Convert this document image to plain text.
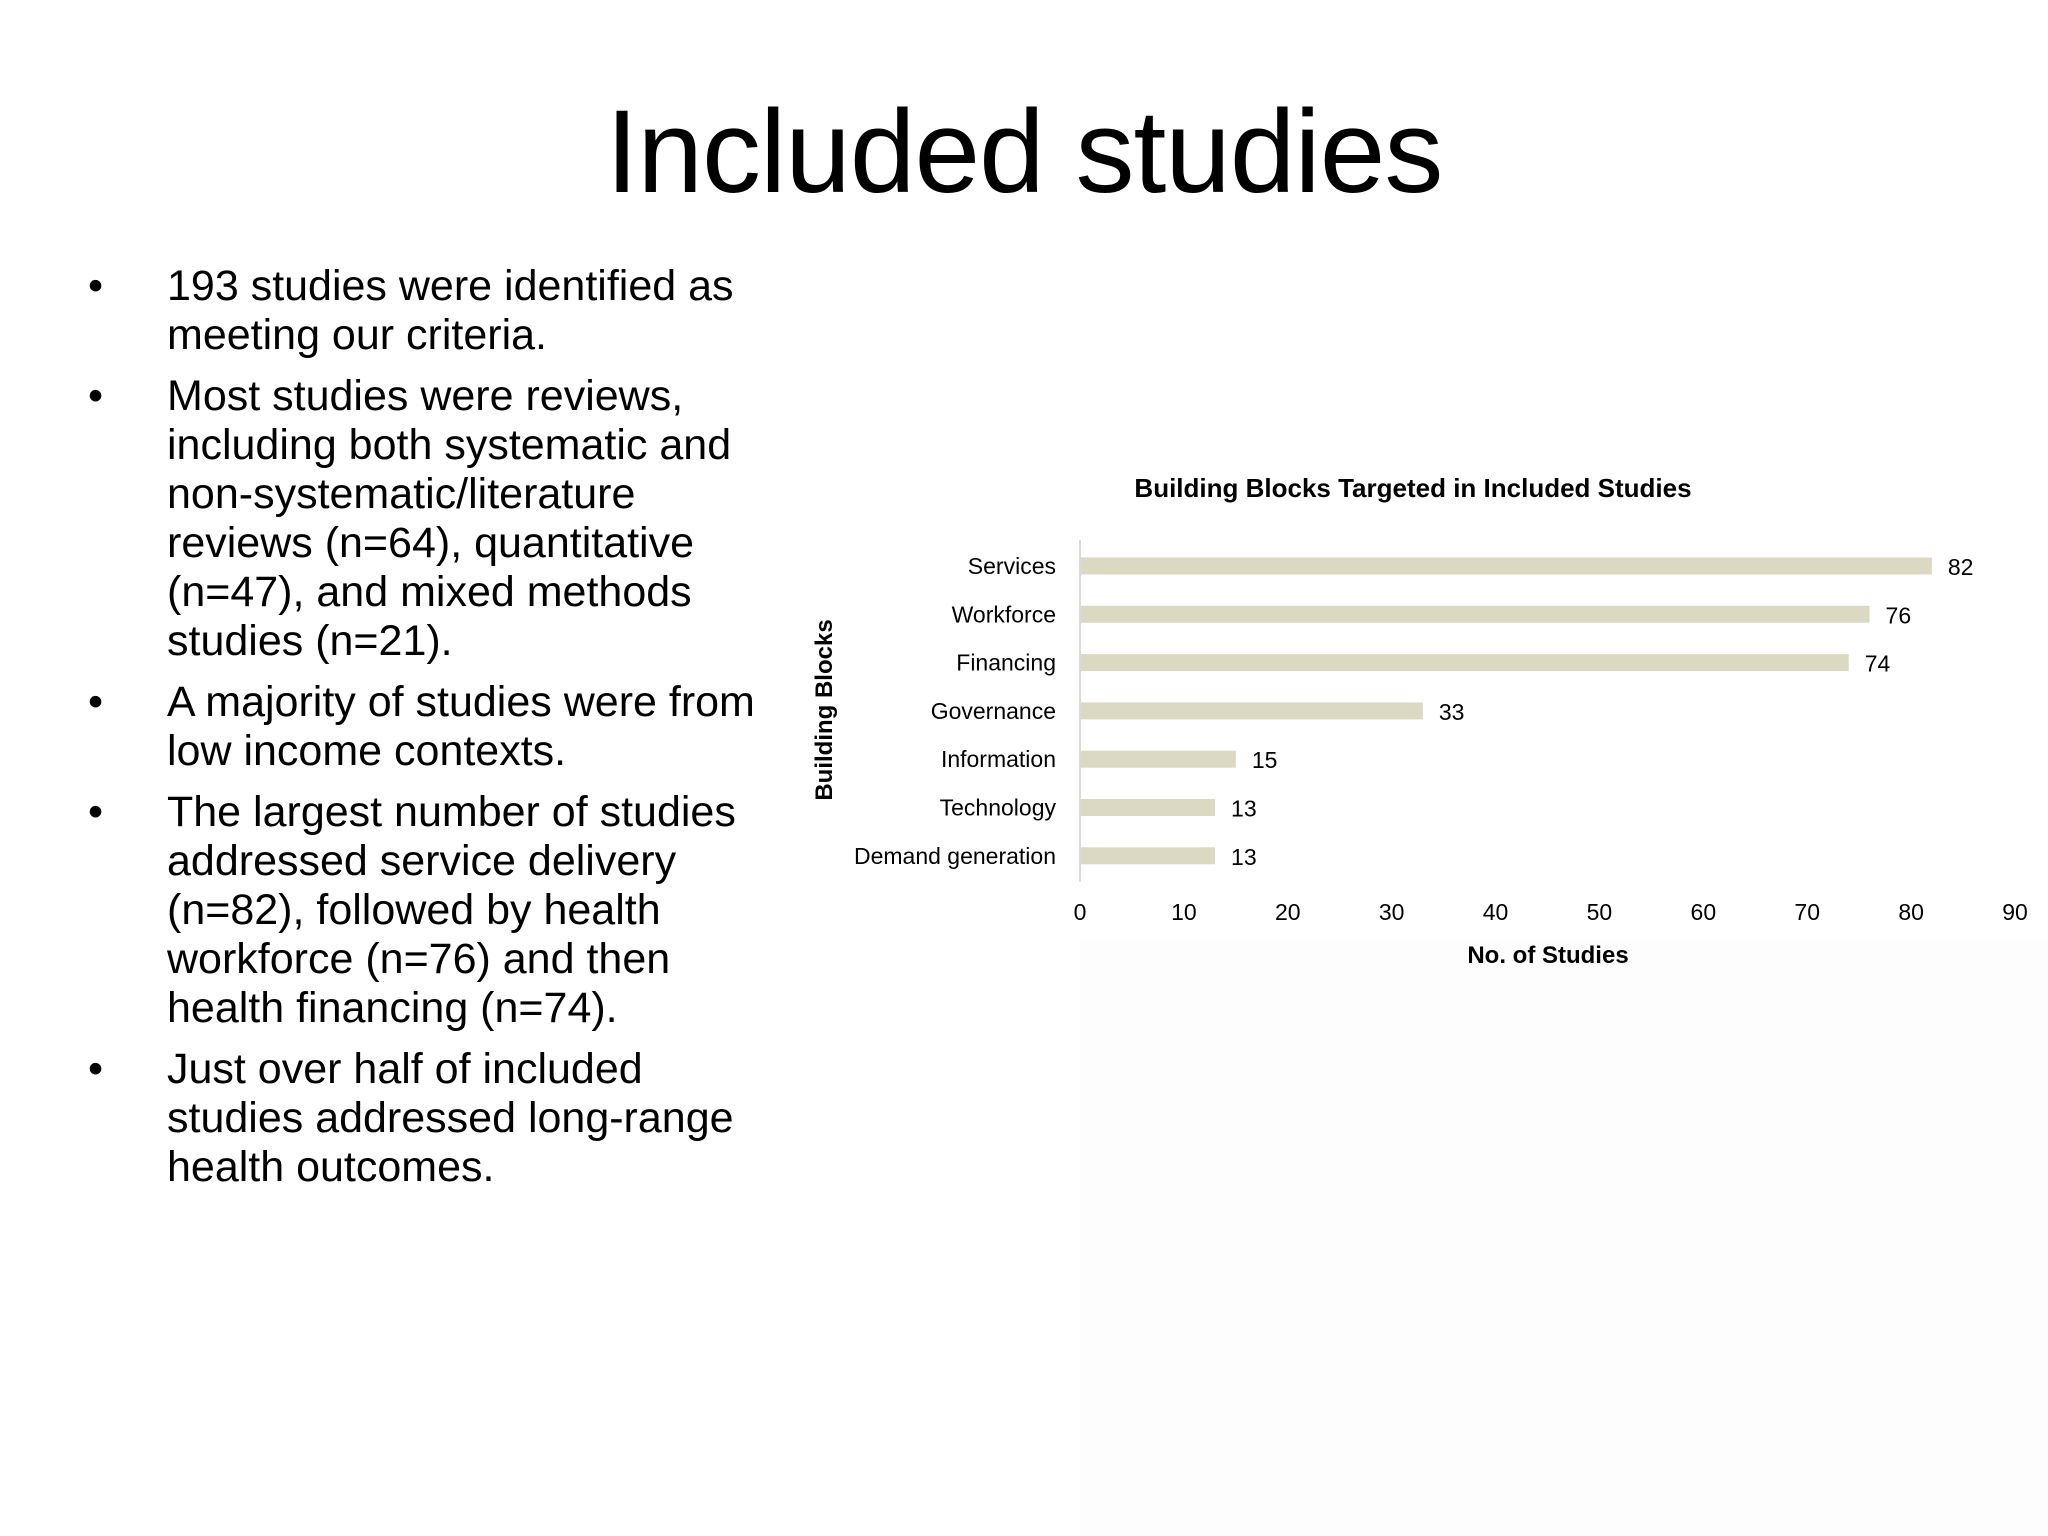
Included studies
• 193 studies were identified as meeting our criteria.
• Most studies were reviews, including both systematic and non-systematic/literature reviews (n=64), quantitative (n=47), and mixed methods studies (n=21).
• A majority of studies were from low income contexts.
• The largest number of studies addressed service delivery (n=82), followed by health workforce (n=76) and then health financing (n=74).
• Just over half of included studies addressed long-range health outcomes.
Building Blocks Targeted in Included Studies
Building Blocks
No. of Studies
Services	82
Workforce	76
Financing	74
Governance	33
Information	15
Technology	13
Demand generation	13
0	10	20	30	40	50	60	70	80	90
